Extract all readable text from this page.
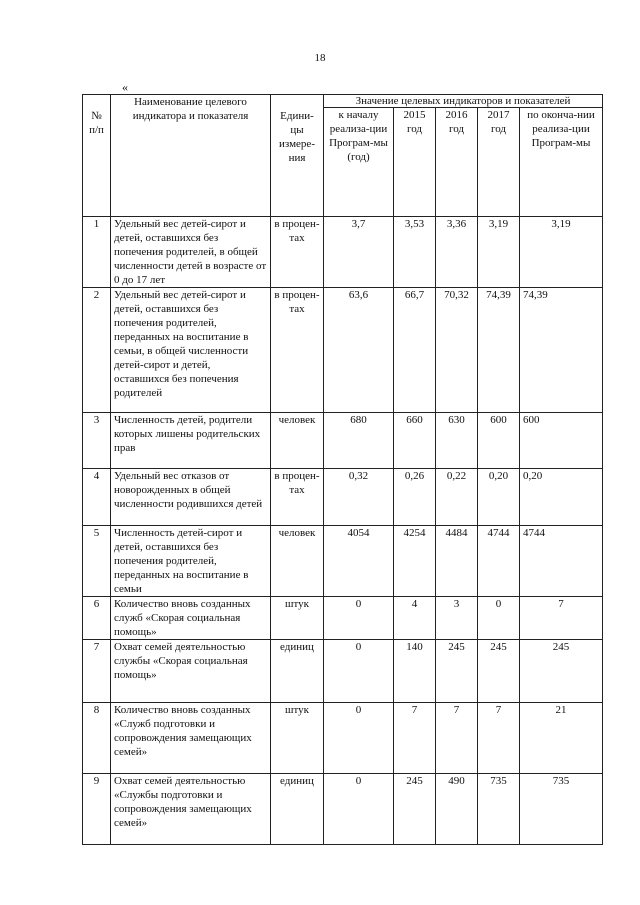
18
«
№ п/п	Наименование целевого индикатора и показателя	Едини-цы измере-ния	Значение целевых индикаторов и показателей				
			к началу реализа-ции Програм-мы (год)	2015 год	2016 год	2017 год	по оконча-нии реализа-ции Програм-мы
1	Удельный вес детей-сирот и детей, оставшихся без попечения родителей, в общей численности детей в возрасте от 0 до 17 лет	в процен-тах	3,7	3,53	3,36	3,19	3,19
2	Удельный вес детей-сирот и детей, оставшихся без попечения родителей, переданных на воспитание в семьи, в общей численности детей-сирот и детей, оставшихся без попечения родителей	в процен-тах	63,6	66,7	70,32	74,39	74,39
3	Численность детей, родители которых лишены родительских прав	человек	680	660	630	600	600
4	Удельный вес отказов от новорожденных в общей численности родившихся детей	в процен-тах	0,32	0,26	0,22	0,20	0,20
5	Численность детей-сирот и детей, оставшихся без попечения родителей, переданных на воспитание в семьи	человек	4054	4254	4484	4744	4744
6	Количество вновь созданных служб «Скорая социальная помощь»	штук	0	4	3	0	7
7	Охват семей деятельностью службы «Скорая социальная помощь»	единиц	0	140	245	245	245
8	Количество вновь созданных «Служб подготовки и сопровождения замещающих семей»	штук	0	7	7	7	21
9	Охват семей деятельностью «Службы подготовки и сопровождения замещающих семей»	единиц	0	245	490	735	735
